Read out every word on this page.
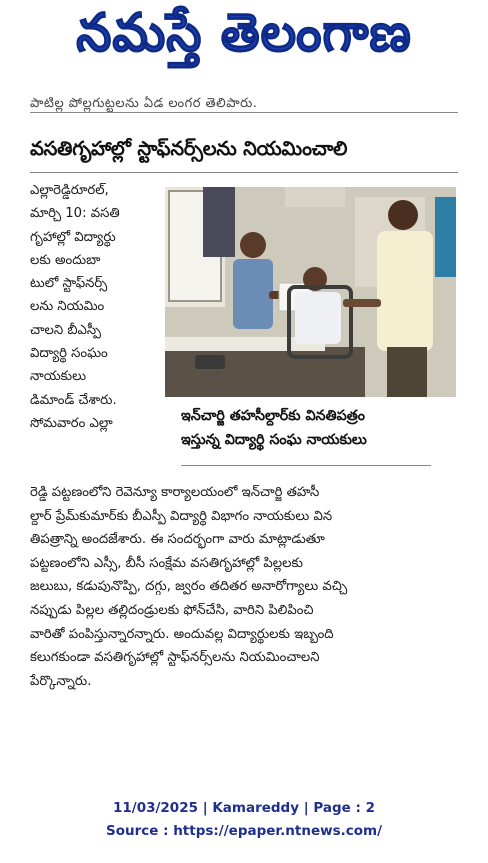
నమస్తే తెలంగాణ
పాటిల్ల పోల్లగుట్టలను ఏడ లంగర తెలిపారు.
వసతిగృహాల్లో స్టాఫ్‌నర్స్‌లను నియమించాలి
ఎల్లారెడ్డిరూరల్,
మార్చి 10: వసతి
గృహాల్లో విద్యార్థు
లకు అందుబా
టులో స్టాఫ్‌నర్స్
లను నియమిం
చాలని బీఎస్పీ
విద్యార్థి సంఘం
నాయకులు
డిమాండ్ చేశారు.
సోమవారం ఎల్లా	ఇన్‌చార్జి తహసీల్దార్‌కు వినతిపత్రం
ఇస్తున్న విద్యార్థి సంఘ నాయకులు
రెడ్డి పట్టణంలోని రెవెన్యూ కార్యాలయంలో ఇన్‌చార్జి తహసీ
ల్దార్ ప్రేమ్‌కుమార్‌కు బీఎస్పీ విద్యార్థి విభాగం నాయకులు విన
తిపత్రాన్ని అందజేశారు. ఈ సందర్భంగా వారు మాట్లాడుతూ
పట్టణంలోని ఎస్సీ, బీసీ సంక్షేమ వసతిగృహాల్లో పిల్లలకు
జలుబు, కడుపునొప్పి, దగ్గు, జ్వరం తదితర అనారోగ్యాలు వచ్చి
నప్పుడు పిల్లల తల్లిదండ్రులకు ఫోన్‌చేసి, వారిని పిలిపించి
వారితో పంపిస్తున్నారన్నారు. అందువల్ల విద్యార్థులకు ఇబ్బంది
కలుగకుండా వసతిగృహాల్లో స్టాఫ్‌నర్స్‌లను నియమించాలని
పేర్కొన్నారు.
11/03/2025 | Kamareddy | Page : 2
Source : https://epaper.ntnews.com/
